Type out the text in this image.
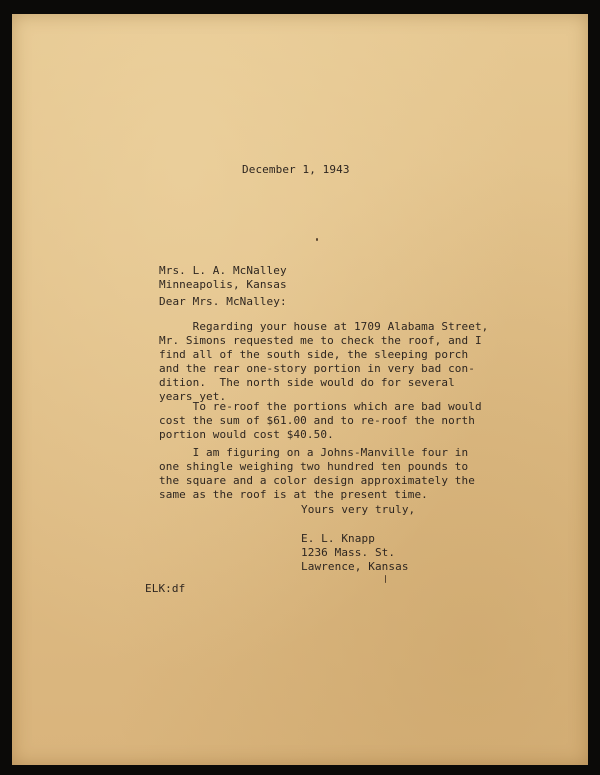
December 1, 1943

Mrs. L. A. McNalley
Minneapolis, Kansas

Dear Mrs. McNalley:

Regarding your house at 1709 Alabama Street,
Mr. Simons requested me to check the roof, and I
find all of the south side, the sleeping porch
and the rear one-story portion in very bad con-
dition.  The north side would do for several
years yet.
To re-roof the portions which are bad would
cost the sum of $61.00 and to re-roof the north
portion would cost $40.50.
I am figuring on a Johns-Manville four in
one shingle weighing two hundred ten pounds to
the square and a color design approximately the
same as the roof is at the present time.

Yours very truly,

E. L. Knapp
1236 Mass. St.
Lawrence, Kansas

ELK:df
